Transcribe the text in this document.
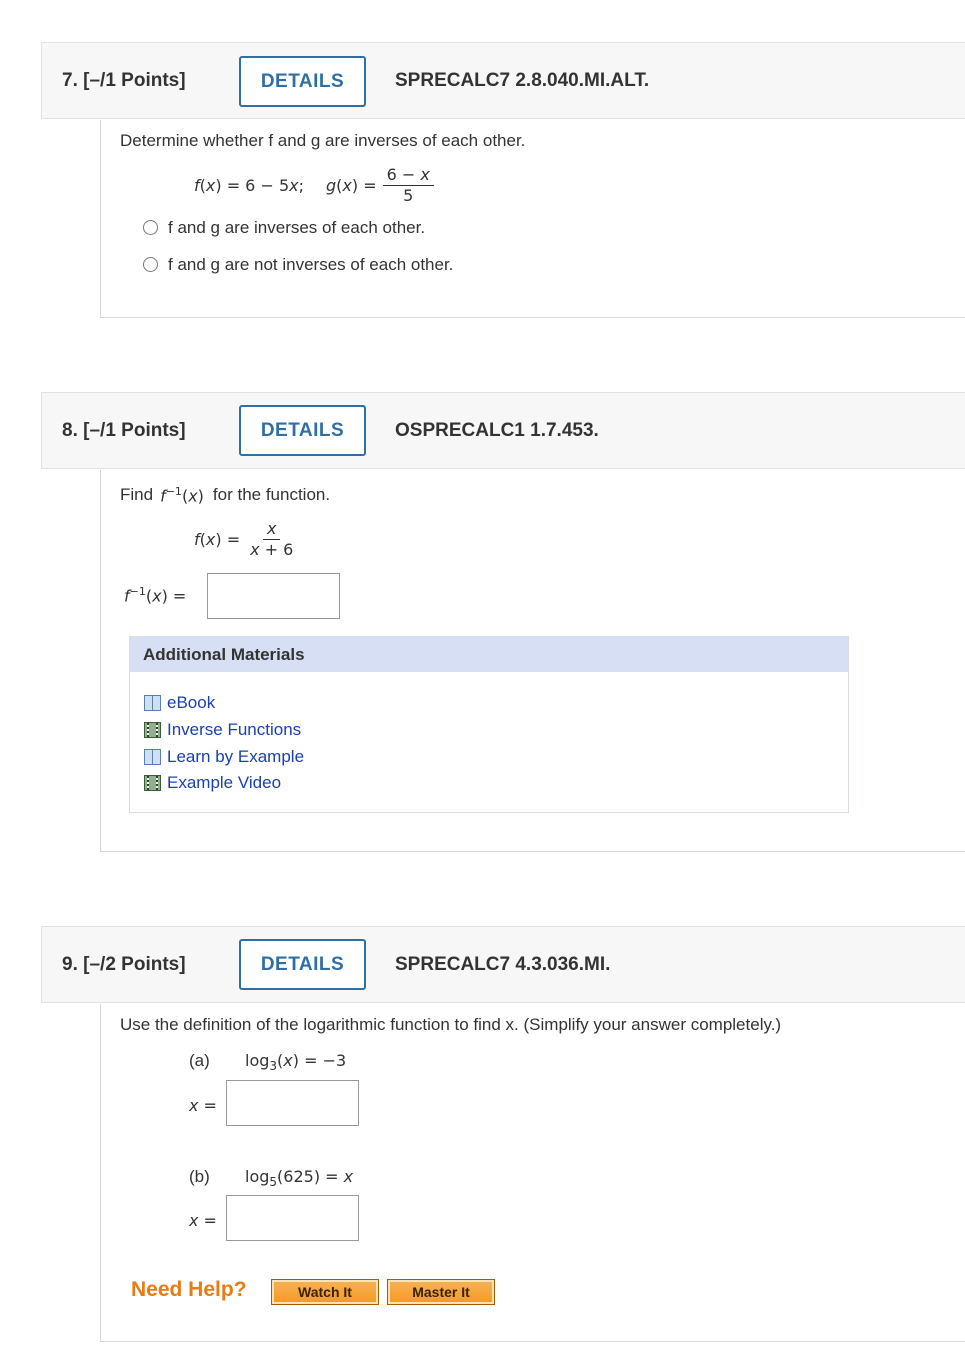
7.
[–/1 Points]	DETAILS	SPRECALC7 2.8.040.MI.ALT.
Determine whether f and g are inverses of each other.
f(x) = 6 − 5x; $g(x) = \frac{6 - x}{5}$
f and g are inverses of each other.
f and g are not inverses of each other.
8.
[–/1 Points]	DETAILS	OSPRECALC1 1.7.453.
Find $f^{-1}(x)$ for the function.
$f(x) = \frac{x}{x + 6}$
$f^{-1}(x)$ =
Additional Materials
eBook
Inverse Functions
Learn by Example
Example Video
9.
[–/2 Points]	DETAILS	SPRECALC7 4.3.036.MI.
Use the definition of the logarithmic function to find x. (Simplify your answer completely.)
(a) $\log_3(x) = -3$
x =
(b) $\log_5(625) = x$
x =
Need Help?	Watch It	Master It
